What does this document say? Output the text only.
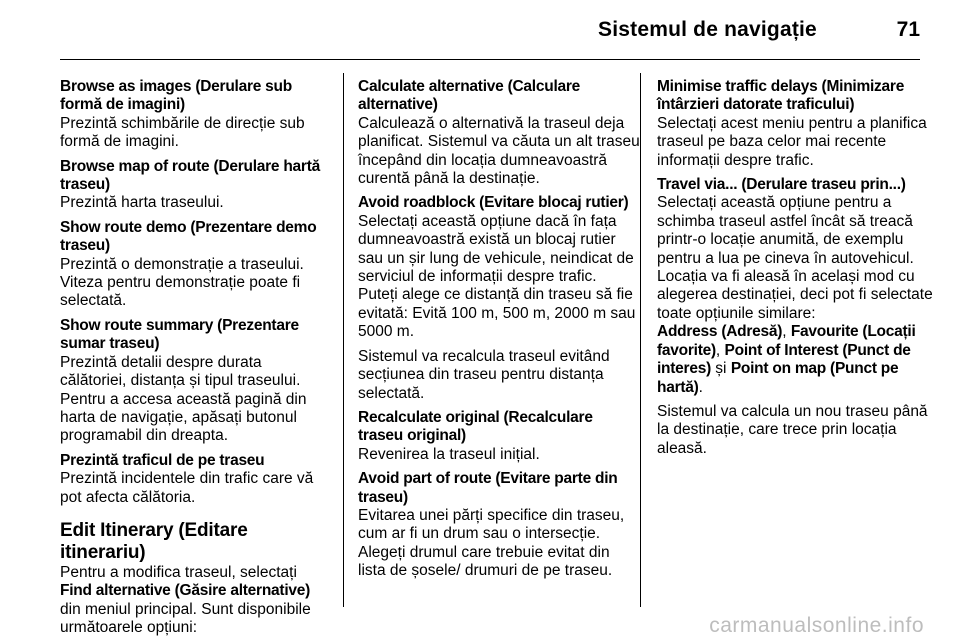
Sistemul de navigație	71
Browse as images (Derulare sub formă de imagini)
Prezintă schimbările de direcție sub formă de imagini.
Browse map of route (Derulare hartă traseu)
Prezintă harta traseului.
Show route demo (Prezentare demo traseu)
Prezintă o demonstrație a traseului. Viteza pentru demonstrație poate fi selectată.
Show route summary (Prezentare sumar traseu)
Prezintă detalii despre durata călătoriei, distanța și tipul traseului. Pentru a accesa această pagină din harta de navigație, apăsați butonul programabil din dreapta.
Prezintă traficul de pe traseu
Prezintă incidentele din trafic care vă pot afecta călătoria.
Edit Itinerary (Editare itinerariu)
Pentru a modifica traseul, selectați Find alternative (Găsire alternative) din meniul principal. Sunt disponibile următoarele opțiuni:
Calculate alternative (Calculare alternative)
Calculează o alternativă la traseul deja planificat. Sistemul va căuta un alt traseu începând din locația dumneavoastră curentă până la destinație.
Avoid roadblock (Evitare blocaj rutier)
Selectați această opțiune dacă în fața dumneavoastră există un blocaj rutier sau un șir lung de vehicule, neindicat de serviciul de informații despre trafic. Puteți alege ce distanță din traseu să fie evitată: Evită 100 m, 500 m, 2000 m sau 5000 m.
Sistemul va recalcula traseul evitând secțiunea din traseu pentru distanța selectată.
Recalculate original (Recalculare traseu original)
Revenirea la traseul inițial.
Avoid part of route (Evitare parte din traseu)
Evitarea unei părți specifice din traseu, cum ar fi un drum sau o intersecție. Alegeți drumul care trebuie evitat din lista de șosele/ drumuri de pe traseu.
Minimise traffic delays (Minimizare întârzieri datorate traficului)
Selectați acest meniu pentru a planifica traseul pe baza celor mai recente informații despre trafic.
Travel via... (Derulare traseu prin...)
Selectați această opțiune pentru a schimba traseul astfel încât să treacă printr-o locație anumită, de exemplu pentru a lua pe cineva în autovehicul. Locația va fi aleasă în același mod cu alegerea destinației, deci pot fi selectate toate opțiunile similare:
Address (Adresă), Favourite (Locații favorite), Point of Interest (Punct de interes) și Point on map (Punct pe hartă).
Sistemul va calcula un nou traseu până la destinație, care trece prin locația aleasă.
carmanualsonline.info
